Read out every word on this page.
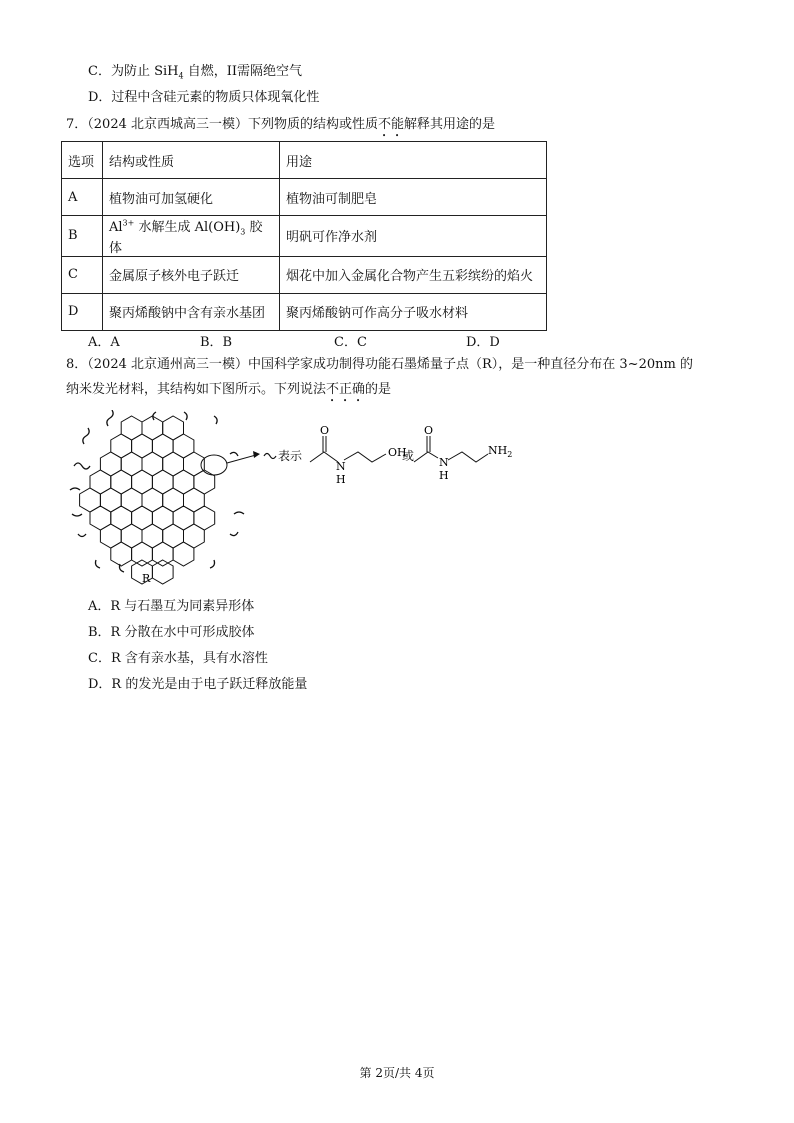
C．为防止 SiH$_4$ 自燃，II需隔绝空气
D．过程中含硅元素的物质只体现氧化性
7．（2024 北京西城高三一模）下列物质的结构或性质不能解释其用途的是
选项	结构或性质	用途
A	植物油可加氢硬化	植物油可制肥皂
B	$Al^{3+}$ 水解生成 $Al(OH)_3$ 胶体	明矾可作净水剂
C	金属原子核外电子跃迁	烟花中加入金属化合物产生五彩缤纷的焰火
D	聚丙烯酸钠中含有亲水基团	聚丙烯酸钠可作高分子吸水材料
A．A	B．B	C．C	D．D
8．（2024 北京通州高三一模）中国科学家成功制得功能石墨烯量子点（R），是一种直径分布在 3~20nm 的
纳米发光材料，其结构如下图所示。下列说法不正确的是
表示
O
N
H
OH
或
O
N
H
$NH_2$
R
A．R 与石墨互为同素异形体
B．R 分散在水中可形成胶体
C．R 含有亲水基，具有水溶性
D．R 的发光是由于电子跃迁释放能量
第 2页/共 4页
